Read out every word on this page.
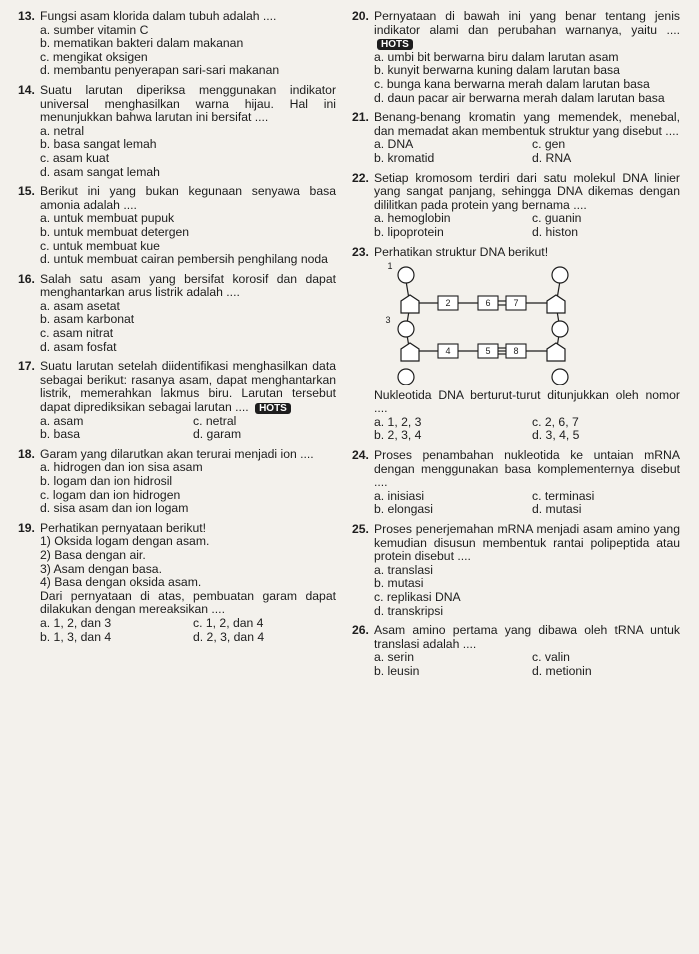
13. Fungsi asam klorida dalam tubuh adalah ....
a. sumber vitamin C
b. mematikan bakteri dalam makanan
c. mengikat oksigen
d. membantu penyerapan sari-sari makanan
14. Suatu larutan diperiksa menggunakan indikator universal menghasilkan warna hijau. Hal ini menunjukkan bahwa larutan ini bersifat ....
a. netral
b. basa sangat lemah
c. asam kuat
d. asam sangat lemah
15. Berikut ini yang bukan kegunaan senyawa basa amonia adalah ....
a. untuk membuat pupuk
b. untuk membuat detergen
c. untuk membuat kue
d. untuk membuat cairan pembersih penghilang noda
16. Salah satu asam yang bersifat korosif dan dapat menghantarkan arus listrik adalah ....
a. asam asetat
b. asam karbonat
c. asam nitrat
d. asam fosfat
17. Suatu larutan setelah diidentifikasi menghasilkan data sebagai berikut: rasanya asam, dapat menghantarkan listrik, memerahkan lakmus biru. Larutan tersebut dapat diprediksikan sebagai larutan .... HOTS
a. asam	c. netral
b. basa	d. garam
18. Garam yang dilarutkan akan terurai menjadi ion ....
a. hidrogen dan ion sisa asam
b. logam dan ion hidrosil
c. logam dan ion hidrogen
d. sisa asam dan ion logam
19. Perhatikan pernyataan berikut!
1) Oksida logam dengan asam.
2) Basa dengan air.
3) Asam dengan basa.
4) Basa dengan oksida asam.
Dari pernyataan di atas, pembuatan garam dapat dilakukan dengan mereaksikan ....
a. 1, 2, dan 3	c. 1, 2, dan 4
b. 1, 3, dan 4	d. 2, 3, dan 4
20. Pernyataan di bawah ini yang benar tentang jenis indikator alami dan perubahan warnanya, yaitu .... HOTS
a. umbi bit berwarna biru dalam larutan asam
b. kunyit berwarna kuning dalam larutan basa
c. bunga kana berwarna merah dalam larutan basa
d. daun pacar air berwarna merah dalam larutan basa
21. Benang-benang kromatin yang memendek, menebal, dan memadat akan membentuk struktur yang disebut ....
a. DNA	c. gen
b. kromatid	d. RNA
22. Setiap kromosom terdiri dari satu molekul DNA linier yang sangat panjang, sehingga DNA dikemas dengan dililitkan pada protein yang bernama ....
a. hemoglobin	c. guanin
b. lipoprotein	d. histon
23. Perhatikan struktur DNA berikut!
2	6	7
4	5	8
1
3
Nukleotida DNA berturut-turut ditunjukkan oleh nomor ....
a. 1, 2, 3	c. 2, 6, 7
b. 2, 3, 4	d. 3, 4, 5
24. Proses penambahan nukleotida ke untaian mRNA dengan menggunakan basa komplementernya disebut ....
a. inisiasi	c. terminasi
b. elongasi	d. mutasi
25. Proses penerjemahan mRNA menjadi asam amino yang kemudian disusun membentuk rantai polipeptida atau protein disebut ....
a. translasi
b. mutasi
c. replikasi DNA
d. transkripsi
26. Asam amino pertama yang dibawa oleh tRNA untuk translasi adalah ....
a. serin	c. valin
b. leusin	d. metionin
